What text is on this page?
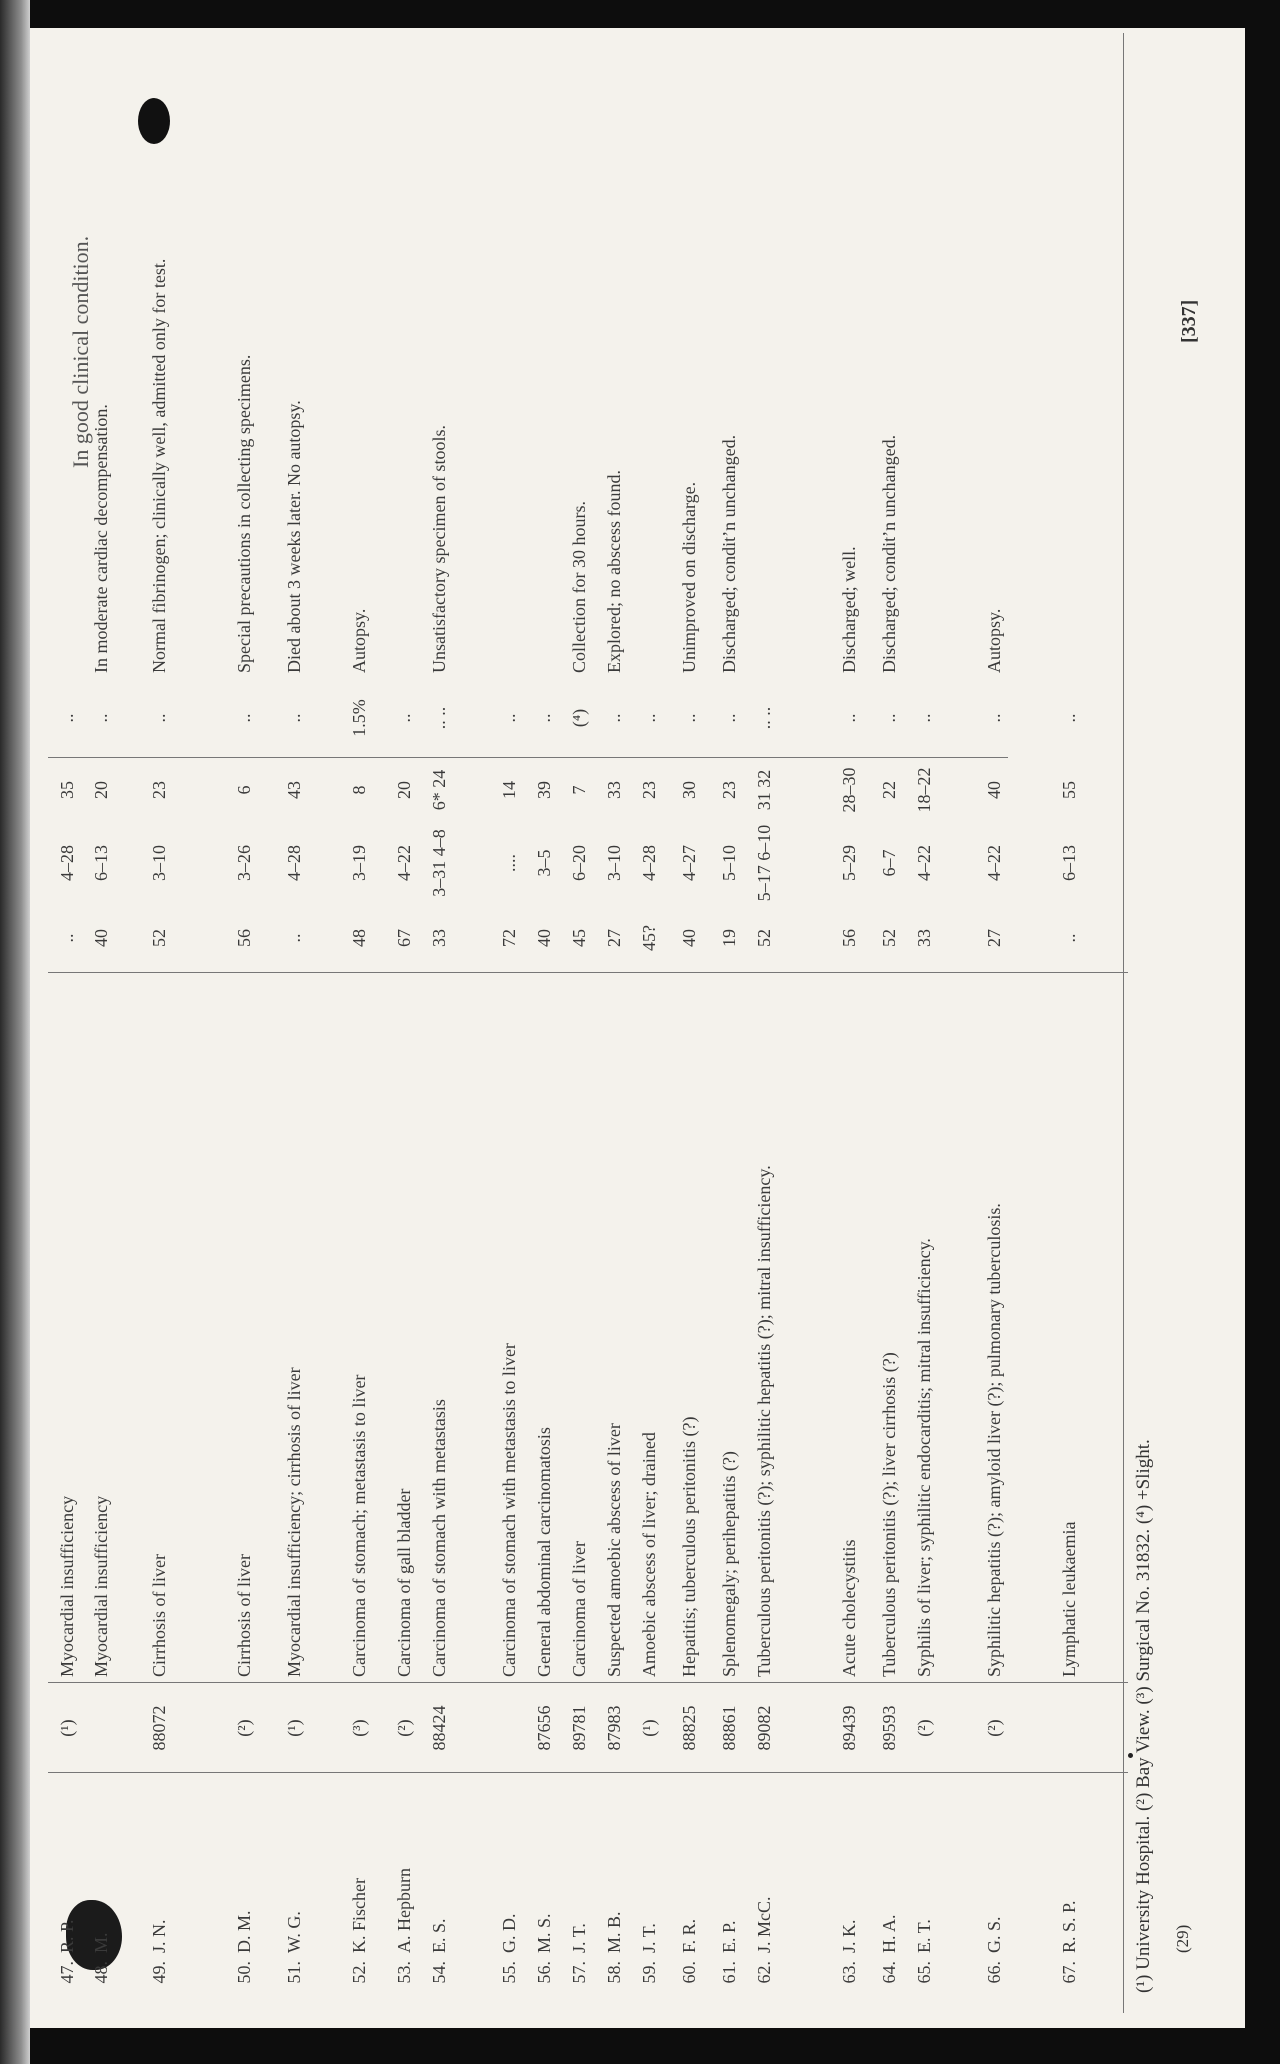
In good clinical condition.
47.
R. P.
(¹)
Myocardial insufficiency
..
4–28
35
..
48.
M.
Myocardial insufficiency
40
6–13
20
..
In moderate cardiac decompensation.
49.
J. N.
88072
Cirrhosis of liver
52
3–10
23
..
Normal fibrinogen; clinically well, admitted only for test.
50.
D. M.
(²)
Cirrhosis of liver
56
3–26
6
..
Special precautions in collecting specimens.
51.
W. G.
(¹)
Myocardial insufficiency; cirrhosis of liver
..
4–28
43
..
Died about 3 weeks later. No autopsy.
52.
K. Fischer
(³)
Carcinoma of stomach; metastasis to liver
48
3–19
8
1.5%
Autopsy.
53.
A. Hepburn
(²)
Carcinoma of gall bladder
67
4–22
20
..
54.
E. S.
88424
Carcinoma of stomach with metastasis
33
3–31 4–8
6* 24
.. ..
Unsatisfactory specimen of stools.
55.
G. D.
Carcinoma of stomach with metastasis to liver
72
....
14
..
56.
M. S.
87656
General abdominal carcinomatosis
40
3–5
39
..
57.
J. T.
89781
Carcinoma of liver
45
6–20
7
(⁴)
Collection for 30 hours.
58.
M. B.
87983
Suspected amoebic abscess of liver
27
3–10
33
..
Explored; no abscess found.
59.
J. T.
(¹)
Amoebic abscess of liver; drained
45?
4–28
23
..
60.
F. R.
88825
Hepatitis; tuberculous peritonitis (?)
40
4–27
30
..
Unimproved on discharge.
61.
E. P.
88861
Splenomegaly; perihepatitis (?)
19
5–10
23
..
Discharged; condit’n unchanged.
62.
J. McC.
89082
Tuberculous peritonitis (?); syphilitic hepatitis (?); mitral insufficiency.
52
5–17 6–10
31 32
.. ..
63.
J. K.
89439
Acute cholecystitis
56
5–29
28–30
..
Discharged; well.
64.
H. A.
89593
Tuberculous peritonitis (?); liver cirrhosis (?)
52
6–7
22
..
Discharged; condit’n unchanged.
65.
E. T.
(²)
Syphilis of liver; syphilitic endocarditis; mitral insufficiency.
33
4–22
18–22
..
66.
G. S.
(²)
Syphilitic hepatitis (?); amyloid liver (?); pulmonary tuberculosis.
27
4–22
40
..
Autopsy.
67.
R. S. P.
Lymphatic leukaemia
..
6–13
55
..
(¹) University Hospital. (²) Bay View. (³) Surgical No. 31832. (⁴) +Slight. (29)
[337]
